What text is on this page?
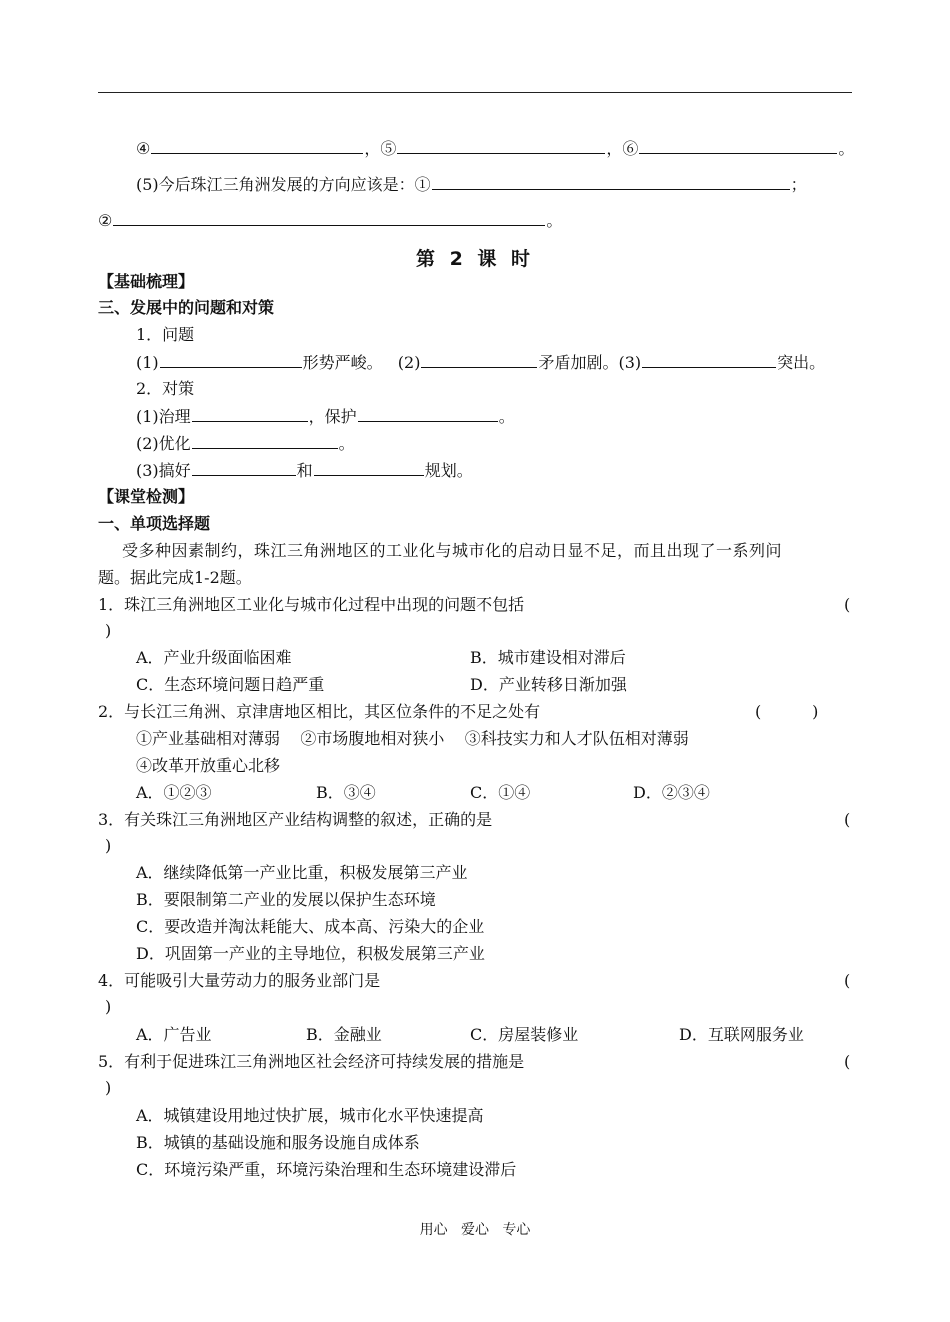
④	，⑤	，⑥	。
(5)今后珠江三角洲发展的方向应该是：①	；
②	。
第 2 课 时
【基础梳理】
三、发展中的问题和对策
1．问题
(1)	形势严峻。 (2)	矛盾加剧。(3)	突出。
2．对策
(1)治理	，保护	。
(2)优化	。
(3)搞好	和	规划。
【课堂检测】
一、单项选择题
受多种因素制约，珠江三角洲地区的工业化与城市化的启动日显不足，而且出现了一系列问
题。据此完成1-2题。
1．珠江三角洲地区工业化与城市化过程中出现的问题不包括	(
)
A．产业升级面临困难	B．城市建设相对滞后
C．生态环境问题日趋严重	D．产业转移日渐加强
2．与长江三角洲、京津唐地区相比，其区位条件的不足之处有	(          )
①产业基础相对薄弱    ②市场腹地相对狭小    ③科技实力和人才队伍相对薄弱
④改革开放重心北移
A．①②③	B．③④	C．①④	D．②③④
3．有关珠江三角洲地区产业结构调整的叙述，正确的是	(
)
A．继续降低第一产业比重，积极发展第三产业
B．要限制第二产业的发展以保护生态环境
C．要改造并淘汰耗能大、成本高、污染大的企业
D．巩固第一产业的主导地位，积极发展第三产业
4．可能吸引大量劳动力的服务业部门是	(
)
A．广告业	B．金融业	C．房屋装修业	D．互联网服务业
5．有利于促进珠江三角洲地区社会经济可持续发展的措施是	(
)
A．城镇建设用地过快扩展，城市化水平快速提高
B．城镇的基础设施和服务设施自成体系
C．环境污染严重，环境污染治理和生态环境建设滞后
用心   爱心   专心
